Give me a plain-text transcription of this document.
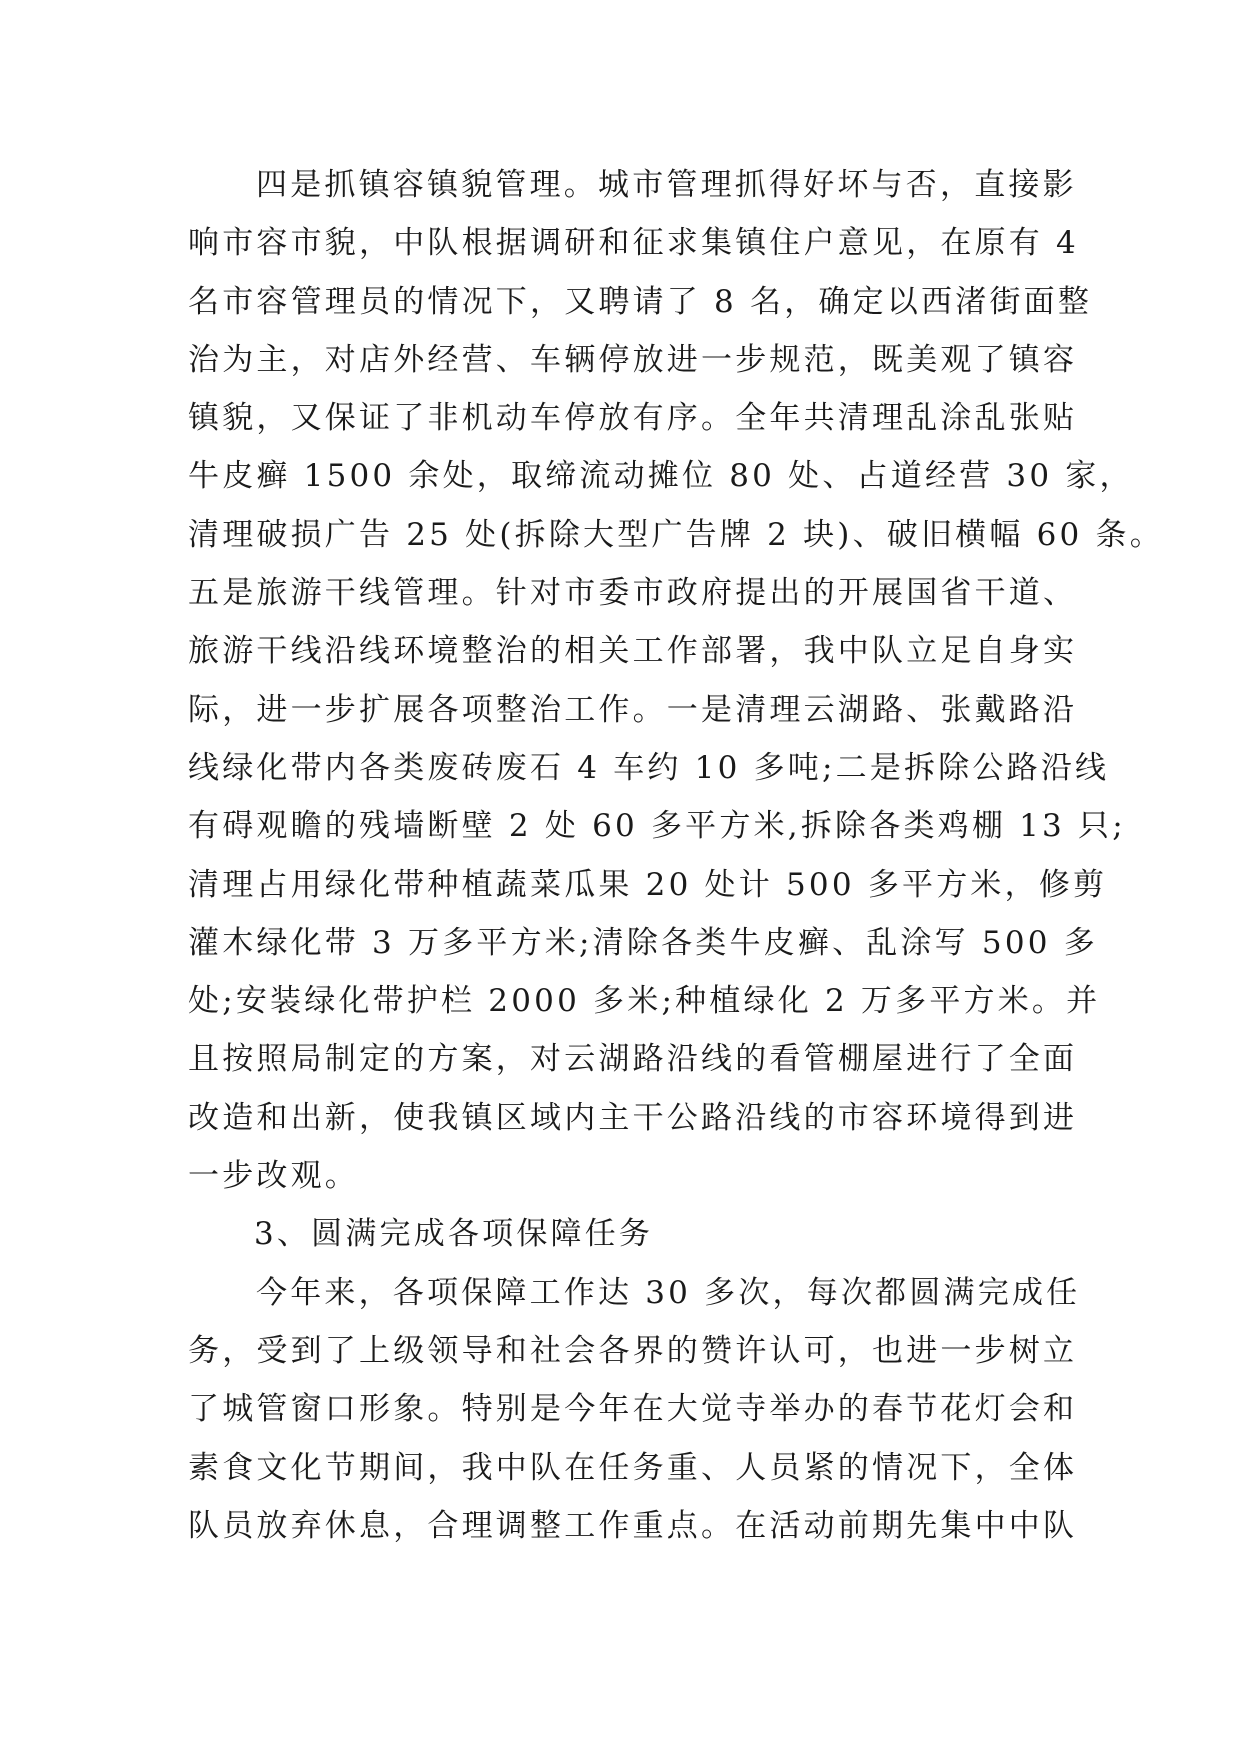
四是抓镇容镇貌管理。城市管理抓得好坏与否，直接影
响市容市貌，中队根据调研和征求集镇住户意见，在原有 4
名市容管理员的情况下，又聘请了 8 名，确定以西渚街面整
治为主，对店外经营、车辆停放进一步规范，既美观了镇容
镇貌，又保证了非机动车停放有序。全年共清理乱涂乱张贴
牛皮癣 1500 余处，取缔流动摊位 80 处、占道经营 30 家，
清理破损广告 25 处(拆除大型广告牌 2 块)、破旧横幅 60 条。
五是旅游干线管理。针对市委市政府提出的开展国省干道、
旅游干线沿线环境整治的相关工作部署，我中队立足自身实
际，进一步扩展各项整治工作。一是清理云湖路、张戴路沿
线绿化带内各类废砖废石 4 车约 10 多吨;二是拆除公路沿线
有碍观瞻的残墙断壁 2 处 60 多平方米,拆除各类鸡棚 13 只;
清理占用绿化带种植蔬菜瓜果 20 处计 500 多平方米，修剪
灌木绿化带 3 万多平方米;清除各类牛皮癣、乱涂写 500 多
处;安装绿化带护栏 2000 多米;种植绿化 2 万多平方米。并
且按照局制定的方案，对云湖路沿线的看管棚屋进行了全面
改造和出新，使我镇区域内主干公路沿线的市容环境得到进
一步改观。
3、圆满完成各项保障任务
今年来，各项保障工作达 30 多次，每次都圆满完成任
务，受到了上级领导和社会各界的赞许认可，也进一步树立
了城管窗口形象。特别是今年在大觉寺举办的春节花灯会和
素食文化节期间，我中队在任务重、人员紧的情况下，全体
队员放弃休息，合理调整工作重点。在活动前期先集中中队
